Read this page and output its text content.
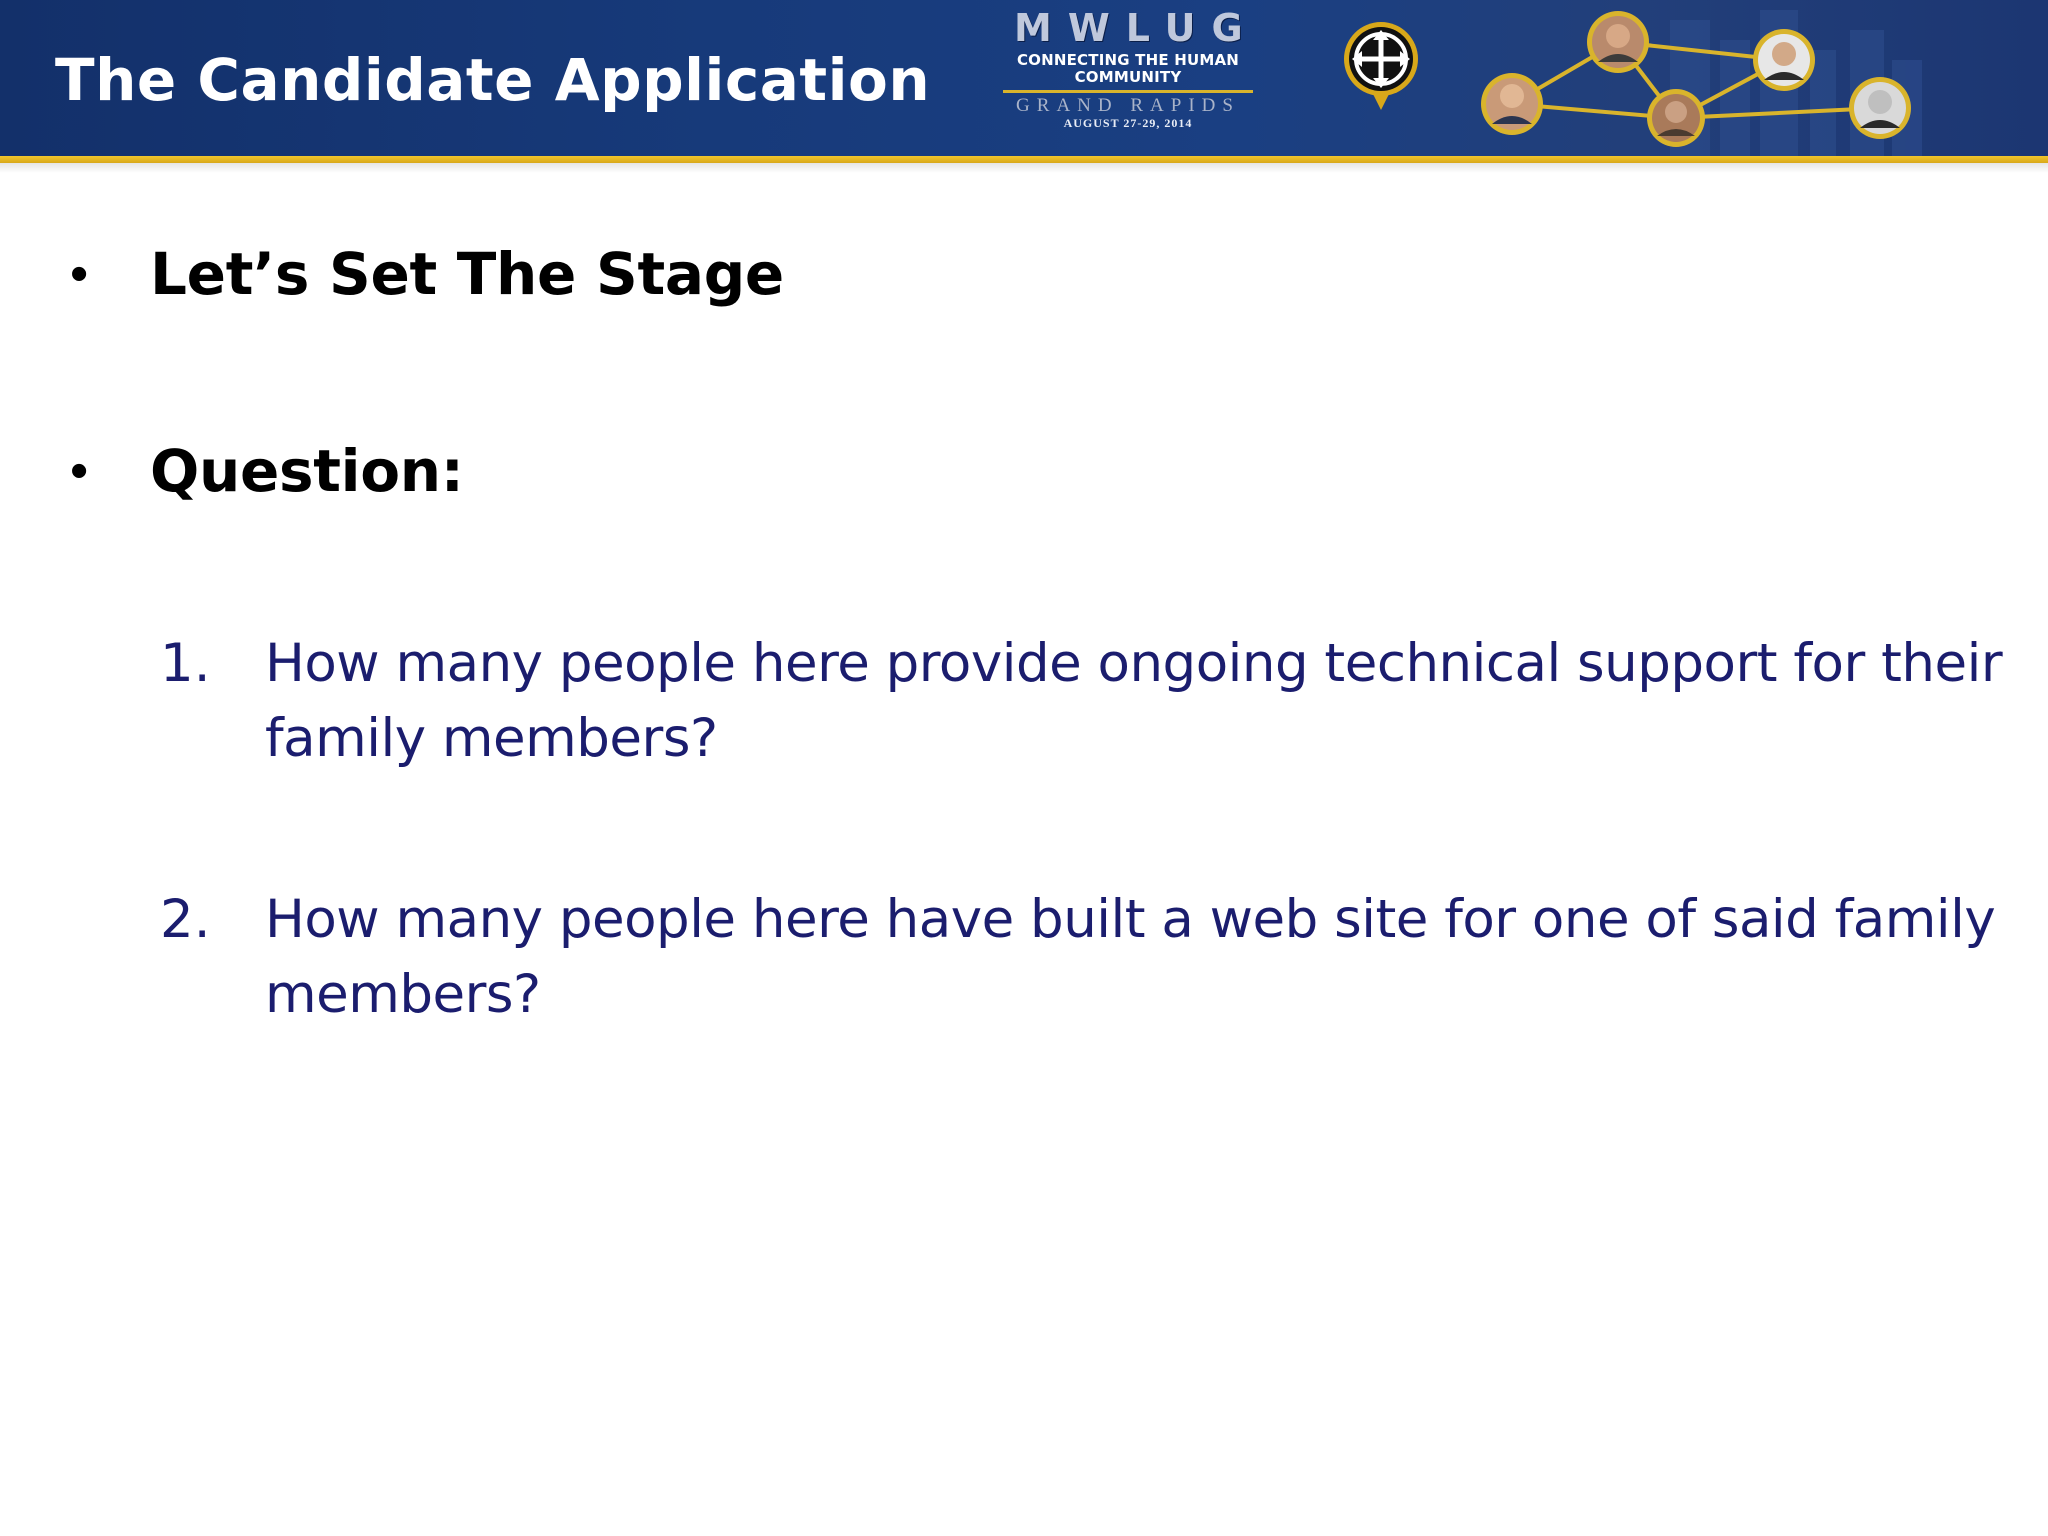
The Candidate Application
MWLUG
CONNECTING THE HUMAN COMMUNITY
GRAND RAPIDS
AUGUST 27-29, 2014
• Let’s Set The Stage
• Question:
1. How many people here provide ongoing technical support for their
family members?
2. How many people here have built a web site for one of said family
members?
